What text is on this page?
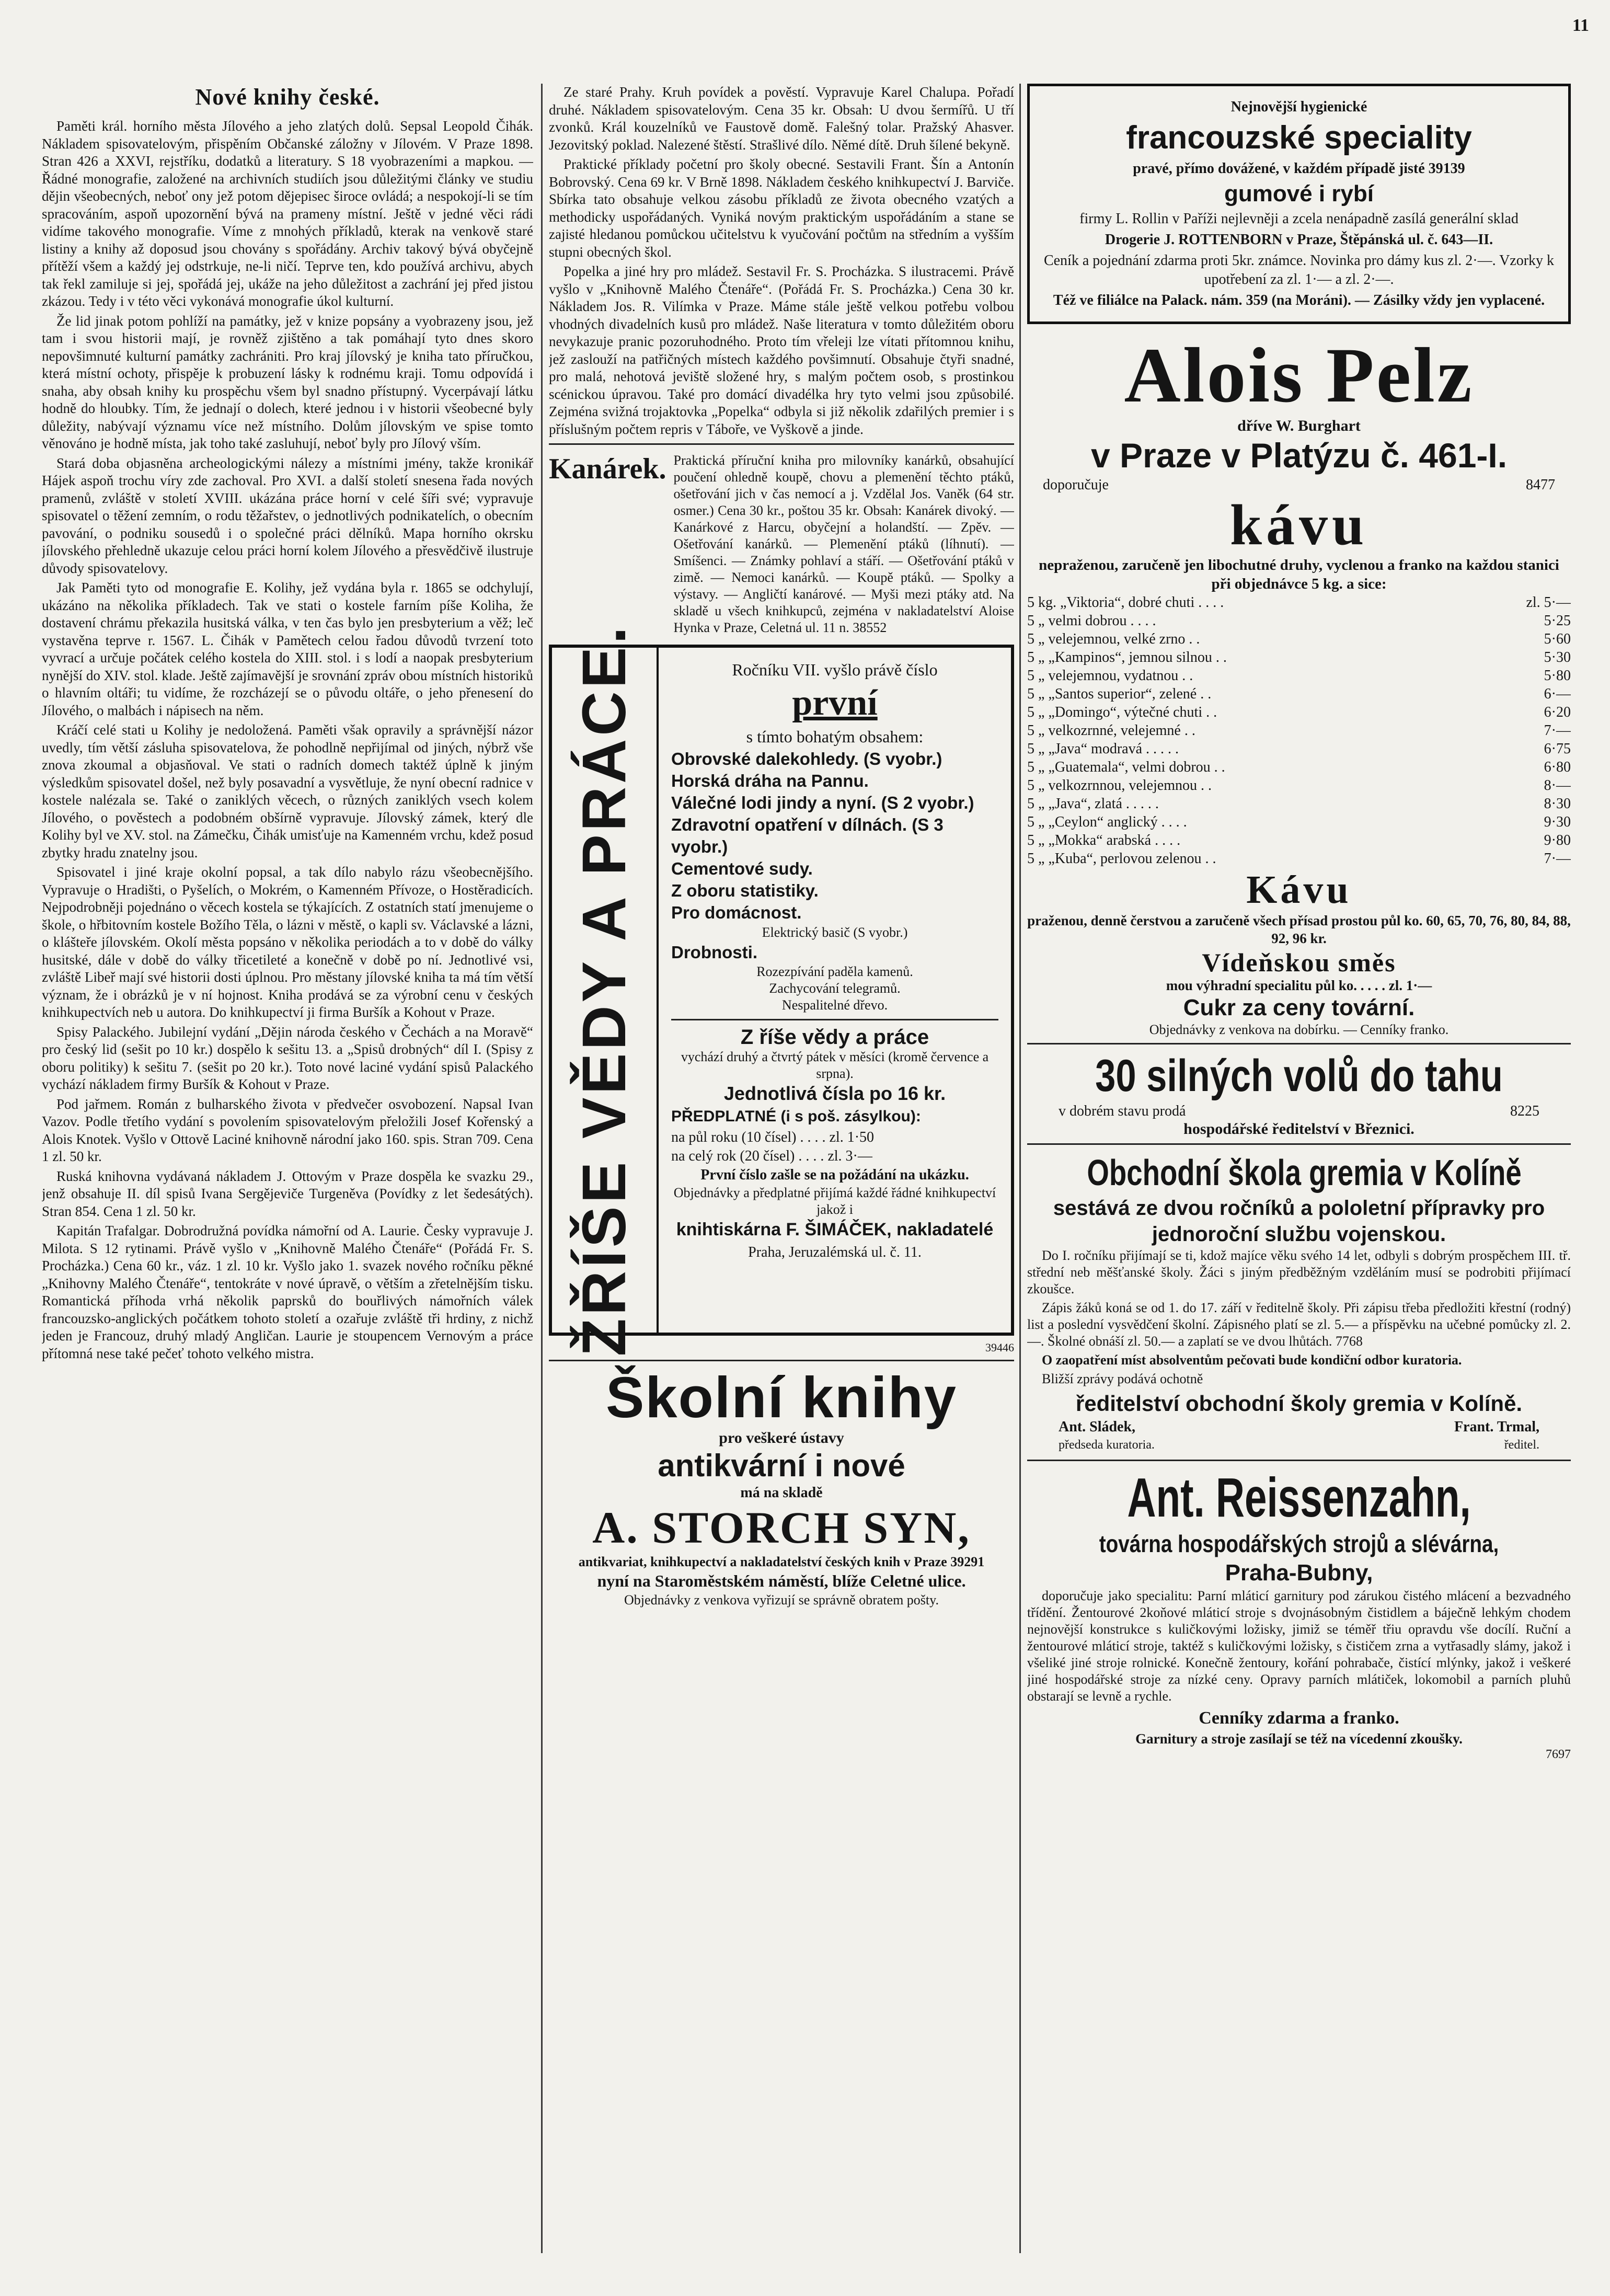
11
Nové knihy české.

Paměti král. horního města Jílového a jeho zlatých dolů. Sepsal Leopold Čihák. Nákladem spisovatelovým, přispěním Občanské záložny v Jílovém. V Praze 1898. Stran 426 a XXVI, rejstříku, dodatků a literatury. S 18 vyobrazeními a mapkou. — Řádné monografie, založené na archivních studiích jsou důležitými články ve studiu dějin všeobecných, neboť ony jež potom dějepisec široce ovládá; a nespokojí-li se tím spracováním, aspoň upozornění bývá na prameny místní. Ještě v jedné věci rádi vidíme takového monografie. Víme z mnohých příkladů, kterak na venkově staré listiny a knihy až doposud jsou chovány s spořádány. Archiv takový bývá obyčejně přítěží všem a každý jej odstrkuje, ne-li ničí. Teprve ten, kdo používá archivu, abych tak řekl zamiluje si jej, spořádá jej, ukáže na jeho důležitost a zachrání jej před jistou zkázou. Tedy i v této věci vykonává monografie úkol kulturní.

Že lid jinak potom pohlíží na památky, jež v knize popsány a vyobrazeny jsou, jež tam i svou historii mají, je rovněž zjištěno a tak pomáhají tyto dnes skoro nepovšimnuté kulturní památky zachrániti. Pro kraj jílovský je kniha tato příručkou, která místní ochoty, přispěje k probuzení lásky k rodnému kraji. Tomu odpovídá i snaha, aby obsah knihy ku prospěchu všem byl snadno přístupný. Vycerpávají látku hodně do hloubky. Tím, že jednají o dolech, které jednou i v historii všeobecné byly důležity, nabývají významu více než místního. Dolům jílovským ve spise tomto věnováno je hodně místa, jak toho také zasluhují, neboť byly pro Jílový vším.

Stará doba objasněna archeologickými nálezy a místními jmény, takže kronikář Hájek aspoň trochu víry zde zachoval. Pro XVI. a další století snesena řada nových pramenů, zvláště v století XVIII. ukázána práce horní v celé šíři své; vypravuje spisovatel o těžení zemním, o rodu těžařstev, o jednotlivých podnikatelích, o obecním pavování, o podniku sousedů i o společné práci dělníků. Mapa horního okrsku jílovského přehledně ukazuje celou práci horní kolem Jílového a přesvědčivě ilustruje důvody spisovatelovy.

Jak Paměti tyto od monografie E. Kolihy, jež vydána byla r. 1865 se odchylují, ukázáno na několika příkladech. Tak ve stati o kostele farním píše Koliha, že dostavení chrámu překazila husitská válka, v ten čas bylo jen presbyterium a věž; leč vystavěna teprve r. 1567. L. Čihák v Pamětech celou řadou důvodů tvrzení toto vyvrací a určuje počátek celého kostela do XIII. stol. i s lodí a naopak presbyterium nynější do XIV. stol. klade. Ještě zajímavější je srovnání zpráv obou místních historiků o hlavním oltáři; tu vidíme, že rozcházejí se o původu oltáře, o jeho přenesení do Jílového, o malbách i nápisech na něm.

Kráčí celé stati u Kolihy je nedoložená. Paměti však opravily a správnější názor uvedly, tím větší zásluha spisovatelova, že pohodlně nepřijímal od jiných, nýbrž vše znova zkoumal a objasňoval. Ve stati o radních domech taktéž úplně k jiným výsledkům spisovatel došel, než byly posavadní a vysvětluje, že nyní obecní radnice v kostele nalézala se. Také o zaniklých věcech, o různých zaniklých vsech kolem Jílového, o pověstech a podobném obšírně vypravuje. Jílovský zámek, který dle Kolihy byl ve XV. stol. na Zámečku, Čihák umisťuje na Kamenném vrchu, kdež posud zbytky hradu znatelny jsou.

Spisovatel i jiné kraje okolní popsal, a tak dílo nabylo rázu všeobecnějšího. Vypravuje o Hradišti, o Pyšelích, o Mokrém, o Kamenném Přívoze, o Hostěradicích. Nejpodrobněji pojednáno o věcech kostela se týkajících. Z ostatních statí jmenujeme o škole, o hřbitovním kostele Božího Těla, o lázni v městě, o kapli sv. Václavské a lázni, o klášteře jílovském. Okolí města popsáno v několika periodách a to v době do války husitské, dále v době do války třicetileté a konečně v době po ní. Jednotlivé vsi, zvláště Libeř mají své historii dosti úplnou. Pro městany jílovské kniha ta má tím větší význam, že i obrázků je v ní hojnost. Kniha prodává se za výrobní cenu v českých knihkupectvích neb u autora. Do knihkupectví ji firma Buršík a Kohout v Praze.

Spisy Palackého. Jubilejní vydání „Dějin národa českého v Čechách a na Moravě“ pro český lid (sešit po 10 kr.) dospělo k sešitu 13. a „Spisů drobných“ díl I. (Spisy z oboru politiky) k sešitu 7. (sešit po 20 kr.). Toto nové laciné vydání spisů Palackého vychází nákladem firmy Buršík & Kohout v Praze.

Pod jařmem. Román z bulharského života v předvečer osvobození. Napsal Ivan Vazov. Podle třetího vydání s povolením spisovatelovým přeložili Josef Kořenský a Alois Knotek. Vyšlo v Ottově Laciné knihovně národní jako 160. spis. Stran 709. Cena 1 zl. 50 kr.

Ruská knihovna vydávaná nákladem J. Ottovým v Praze dospěla ke svazku 29., jenž obsahuje II. díl spisů Ivana Sergějeviče Turgeněva (Povídky z let šedesátých). Stran 854. Cena 1 zl. 50 kr.

Kapitán Trafalgar. Dobrodružná povídka námořní od A. Laurie. Česky vypravuje J. Milota. S 12 rytinami. Právě vyšlo v „Knihovně Malého Čtenáře“ (Pořádá Fr. S. Procházka.) Cena 60 kr., váz. 1 zl. 10 kr. Vyšlo jako 1. svazek nového ročníku pěkné „Knihovny Malého Čtenáře“, tentokráte v nové úpravě, o větším a zřetelnějším tisku. Romantická příhoda vrhá několik paprsků do bouřlivých námořních válek francouzsko-anglických počátkem tohoto století a ozařuje zvláště tři hrdiny, z nichž jeden je Francouz, druhý mladý Angličan. Laurie je stoupencem Vernovým a práce přítomná nese také pečeť tohoto velkého mistra.

Ze staré Prahy. Kruh povídek a pověstí. Vypravuje Karel Chalupa. Pořadí druhé. Nákladem spisovatelovým. Cena 35 kr. Obsah: U dvou šermířů. U tří zvonků. Král kouzelníků ve Faustově domě. Falešný tolar. Pražský Ahasver. Jezovitský poklad. Nalezené štěstí. Strašlivé dílo. Němé dítě. Druh šílené bekyně.

Praktické příklady početní pro školy obecné. Sestavili Frant. Šín a Antonín Bobrovský. Cena 69 kr. V Brně 1898. Nákladem českého knihkupectví J. Barviče. Sbírka tato obsahuje velkou zásobu příkladů ze života obecného vzatých a methodicky uspořádaných. Vyniká novým praktickým uspořádáním a stane se zajisté hledanou pomůckou učitelstvu k vyučování počtům na středním a vyšším stupni obecných škol.

Popelka a jiné hry pro mládež. Sestavil Fr. S. Procházka. S ilustracemi. Právě vyšlo v „Knihovně Malého Čtenáře“. (Pořádá Fr. S. Procházka.) Cena 30 kr. Nákladem Jos. R. Vilímka v Praze. Máme stále ještě velkou potřebu volbou vhodných divadelních kusů pro mládež. Naše literatura v tomto důležitém oboru nevykazuje pranic pozoruhodného. Proto tím vřeleji lze vítati přítomnou knihu, jež zaslouží na patřičných místech každého povšimnutí. Obsahuje čtyři snadné, pro malá, nehotová jeviště složené hry, s malým počtem osob, s prostinkou scénickou úpravou. Také pro domácí divadélka hry tyto velmi jsou způsobilé. Zejména svižná trojaktovka „Popelka“ odbyla si již několik zdařilých premier i s příslušným počtem repris v Táboře, ve Vyškově a jinde.

Kanárek. Praktická příruční kniha pro milovníky kanárků, obsahující poučení ohledně koupě, chovu a plemenění těchto ptáků, ošetřování jich v čas nemocí a j. Vzdělal Jos. Vaněk (64 str. osmer.) Cena 30 kr., poštou 35 kr. Obsah: Kanárek divoký. — Kanárkové z Harcu, obyčejní a holandští. — Zpěv. — Ošetřování kanárků. — Plemenění ptáků (líhnutí). — Smíšenci. — Známky pohlaví a stáří. — Ošetřování ptáků v zimě. — Nemoci kanárků. — Koupě ptáků. — Spolky a výstavy. — Angličtí kanárové. — Myši mezi ptáky atd. Na skladě u všech knihkupců, zejména v nakladatelství Aloise Hynka v Praze, Celetná ul. 11 n. 38552
ŽŘÍŠE VĚDY A PRÁCE.	Ročníku VII. vyšlo právě číslo
první
s tímto bohatým obsahem:
Obrovské dalekohledy. (S vyobr.)
Horská dráha na Pannu.
Válečné lodi jindy a nyní. (S 2 vyobr.)
Zdravotní opatření v dílnách. (S 3 vyobr.)
Cementové sudy.
Z oboru statistiky.
Pro domácnost.
Elektrický basič (S vyobr.)
Drobnosti.
Rozezpívání paděla kamenů.
Zachycování telegramů.
Nespalitelné dřevo.
Z říše vědy a práce
vychází druhý a čtvrtý pátek v měsíci (kromě července a srpna).
Jednotlivá čísla po 16 kr.
PŘEDPLATNÉ (i s poš. zásylkou):
na půl roku (10 čísel) . . . . zl. 1·50
na celý rok (20 čísel) . . . . zl. 3·—
První číslo zašle se na požádání na ukázku.
Objednávky a předplatné přijímá každé řádné knihkupectví jakož i
knihtiskárna F. ŠIMÁČEK, nakladatelé
Praha, Jeruzalémská ul. č. 11.
39446
Školní knihy
pro veškeré ústavy
antikvární i nové
má na skladě
A. STORCH SYN,
antikvariat, knihkupectví a nakladatelství českých knih v Praze 39291
nyní na Staroměstském náměstí, blíže Celetné ulice.
Objednávky z venkova vyřizují se správně obratem pošty.
Nejnovější hygienické
francouzské speciality
pravé, přímo dovážené, v každém případě jisté 39139
gumové i rybí
firmy L. Rollin v Paříži nejlevněji a zcela nenápadně zasílá generální sklad
Drogerie J. ROTTENBORN v Praze, Štěpánská ul. č. 643—II.
Ceník a pojednání zdarma proti 5kr. známce. Novinka pro dámy kus zl. 2·—. Vzorky k upotřebení za zl. 1·— a zl. 2·—.
Též ve filiálce na Palack. nám. 359 (na Moráni). — Zásilky vždy jen vyplacené.
Alois Pelz
dříve W. Burghart
v Praze v Platýzu č. 461-I.
doporučuje	8477
kávu
nepraženou, zaručeně jen libochutné druhy, vyclenou a franko na každou stanici při objednávce 5 kg. a sice:
5 kg. „Viktoria“, dobré chuti . . . .	zl. 5·—
5 „ velmi dobrou . . . .	5·25
5 „ velejemnou, velké zrno . .	5·60
5 „ „Kampinos“, jemnou silnou . .	5·30
5 „ velejemnou, vydatnou . .	5·80
5 „ „Santos superior“, zelené . .	6·—
5 „ „Domingo“, výtečné chuti . .	6·20
5 „ velkozrnné, velejemné . .	7·—
5 „ „Java“ modravá . . . . .	6·75
5 „ „Guatemala“, velmi dobrou . .	6·80
5 „ velkozrnnou, velejemnou . .	8·—
5 „ „Java“, zlatá . . . . .	8·30
5 „ „Ceylon“ anglický . . . .	9·30
5 „ „Mokka“ arabská . . . .	9·80
5 „ „Kuba“, perlovou zelenou . .	7·—
Kávu
praženou, denně čerstvou a zaručeně všech přísad prostou půl ko. 60, 65, 70, 76, 80, 84, 88, 92, 96 kr.
Vídeňskou směs
mou výhradní specialitu půl ko. . . . . zl. 1·—
Cukr za ceny tovární.
Objednávky z venkova na dobírku. — Cenníky franko.
30 silných volů do tahu
v dobrém stavu prodá	8225
hospodářské ředitelství v Březnici.
Obchodní škola gremia v Kolíně
sestává ze dvou ročníků a pololetní přípravky pro jednoroční službu vojenskou.

Do I. ročníku přijímají se ti, kdož majíce věku svého 14 let, odbyli s dobrým prospěchem III. tř. střední neb měšťanské školy. Žáci s jiným předběžným vzděláním musí se podrobiti přijímací zkoušce.

Zápis žáků koná se od 1. do 17. září v ředitelně školy. Při zápisu třeba předložiti křestní (rodný) list a poslední vysvědčení školní. Zápisného platí se zl. 5.— a příspěvku na učebné pomůcky zl. 2.—. Školné obnáší zl. 50.— a zaplatí se ve dvou lhůtách. 7768

O zaopatření míst absolventům pečovati bude kondiční odbor kuratoria.

Bližší zprávy podává ochotně

ředitelství obchodní školy gremia v Kolíně.
Ant. Sládek,	Frant. Trmal,
předseda kuratoria.	ředitel.
Ant. Reissenzahn,
továrna hospodářských strojů a slévárna,
Praha-Bubny,

doporučuje jako specialitu: Parní mláticí garnitury pod zárukou čistého mlácení a bezvadného třídění. Žentourové 2koňové mláticí stroje s dvojnásobným čistidlem a báječně lehkým chodem nejnovější konstrukce s kuličkovými ložisky, jimiž se téměř třiu opravdu vše docílí. Ruční a žentourové mláticí stroje, taktéž s kuličkovými ložisky, s čističem zrna a vytřasadly slámy, jakož i všeliké jiné stroje rolnické. Konečně žentoury, kořání pohrabače, čistící mlýnky, jakož i veškeré jiné hospodářské stroje za nízké ceny. Opravy parních mlátiček, lokomobil a parních pluhů obstarají se levně a rychle.

Cenníky zdarma a franko.
Garnitury a stroje zasílají se též na vícedenní zkoušky.
7697
